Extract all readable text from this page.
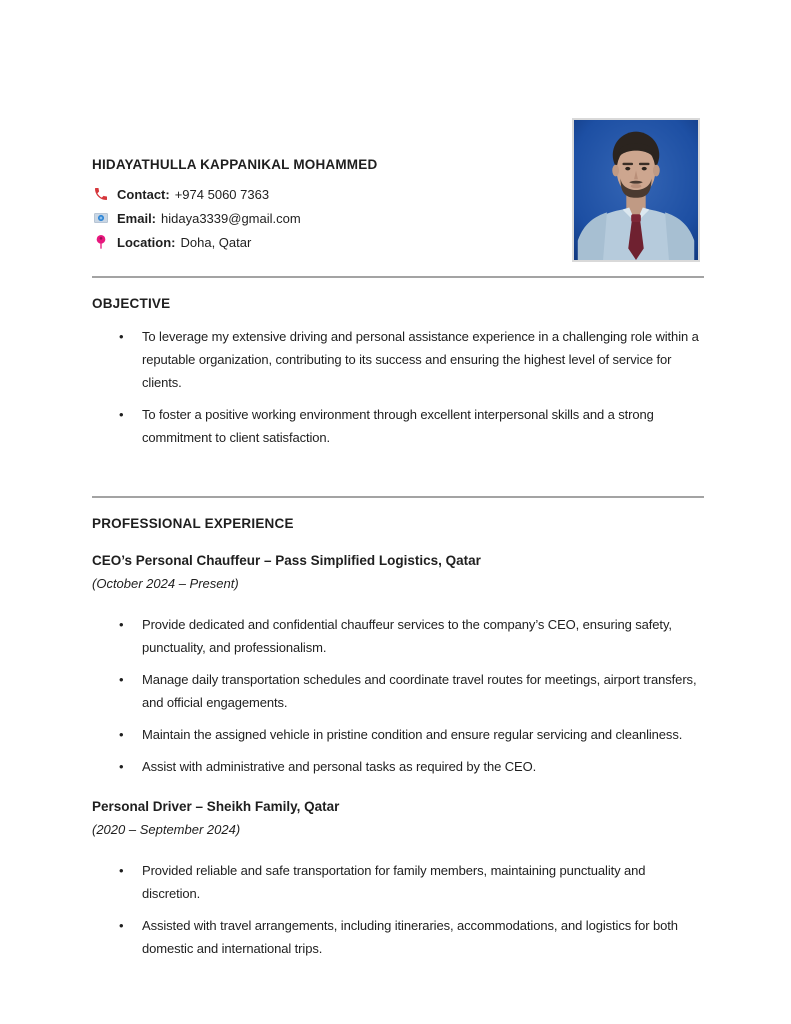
HIDAYATHULLA KAPPANIKAL MOHAMMED
Contact: +974 5060 7363
Email: hidaya3339@gmail.com
Location: Doha, Qatar
OBJECTIVE
• To leverage my extensive driving and personal assistance experience in a challenging role within a reputable organization, contributing to its success and ensuring the highest level of service for clients.
• To foster a positive working environment through excellent interpersonal skills and a strong commitment to client satisfaction.
PROFESSIONAL EXPERIENCE
CEO’s Personal Chauffeur – Pass Simplified Logistics, Qatar
(October 2024 – Present)
• Provide dedicated and confidential chauffeur services to the company’s CEO, ensuring safety, punctuality, and professionalism.
• Manage daily transportation schedules and coordinate travel routes for meetings, airport transfers, and official engagements.
• Maintain the assigned vehicle in pristine condition and ensure regular servicing and cleanliness.
• Assist with administrative and personal tasks as required by the CEO.
Personal Driver – Sheikh Family, Qatar
(2020 – September 2024)
• Provided reliable and safe transportation for family members, maintaining punctuality and discretion.
• Assisted with travel arrangements, including itineraries, accommodations, and logistics for both domestic and international trips.
